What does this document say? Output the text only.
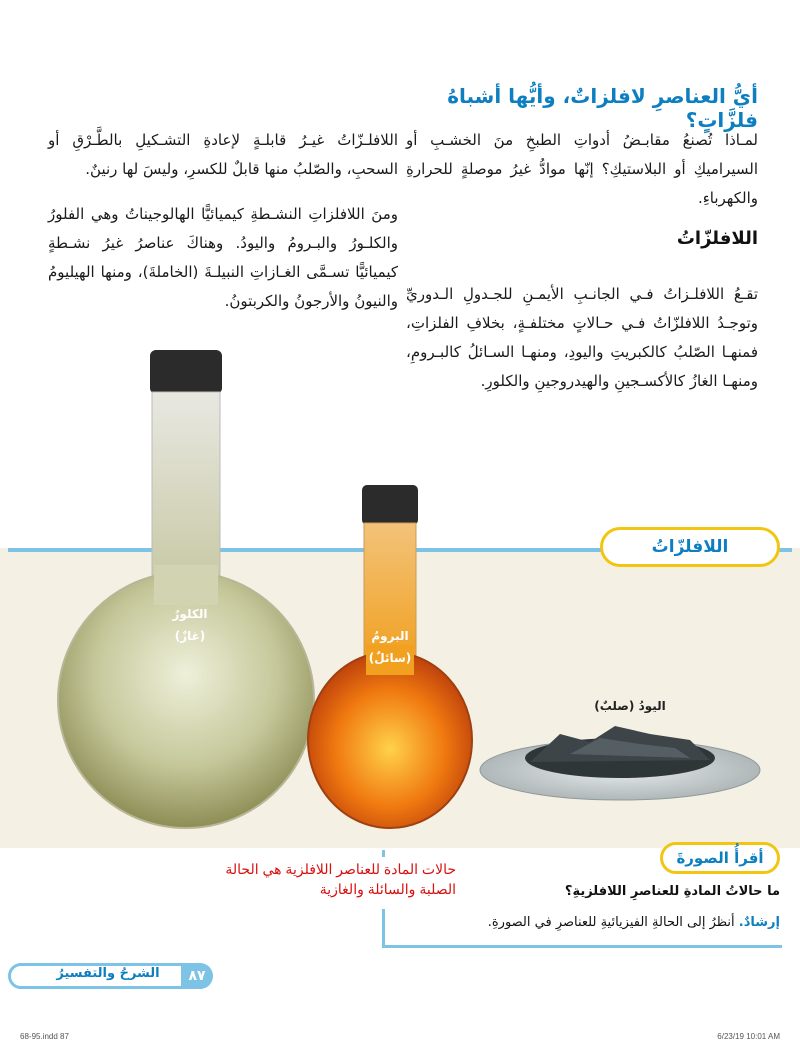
أيُّ العناصرِ لافلزاتٌ، وأيُّها أشباهُ فلزَّاتٍ؟
لمـاذا تُصنعُ مقابـضُ أدواتِ الطبخِ منَ الخشـبِ أو السيراميكِ أو البلاستيكِ؟ إنّها موادُّ غيرُ موصلةٍ للحرارةِ والكهرباءِ.
اللافلزّاتُ
تقـعُ اللافلـزاتُ فـي الجانـبِ الأيمـنِ للجـدولِ الـدوريِّ وتوجـدُ اللافلزّاتُ فـي حـالاتٍ مختلفـةٍ، بخلافِ الفلزاتِ، فمنهـا الصّلبُ كالكبريتِ واليودِ، ومنهـا السـائلُ كالبـرومِ، ومنهـا الغازُ كالأكسـجينِ والهيدروجينِ والكلورِ.
اللافلـزّاتُ غيـرُ قابلـةٍ لإعادةِ التشـكيلِ بالطَّـرْقِ أو السحبِ، والصّلبُ منها قابلٌ للكسرِ، وليسَ لها رنينٌ.
ومنَ اللافلزاتِ النشـطةِ كيميائيًّا الهالوجيناتُ وهي الفلورُ والكلـورُ والبـرومُ واليودُ. وهناكَ عناصرُ غيرُ نشـطةٍ كيميائيًّا تسـمَّى الغـازاتِ النبيلـةَ (الخاملةَ)، ومنها الهيليومُ والنيونُ والأرجونُ والكربتونُ.
اللافلزّاتُ
الكلورُ
(غازٌ)	البرومُ
(سائلٌ)
اليودُ (صلبٌ)
أقرأُ الصورةَ
ما حالاتُ المادةِ للعناصرِ اللافلزيةِ؟
إرشادٌ. أنظرُ إلى الحالةِ الفيزيائيةِ للعناصرِ في الصورةِ.
حالات المادة للعناصر اللافلزية هي الحالة الصلبة والسائلة والغازية
٨٧
الشرحُ والتفسيرُ
68-95.indd 87	6/23/19 10:01 AM
